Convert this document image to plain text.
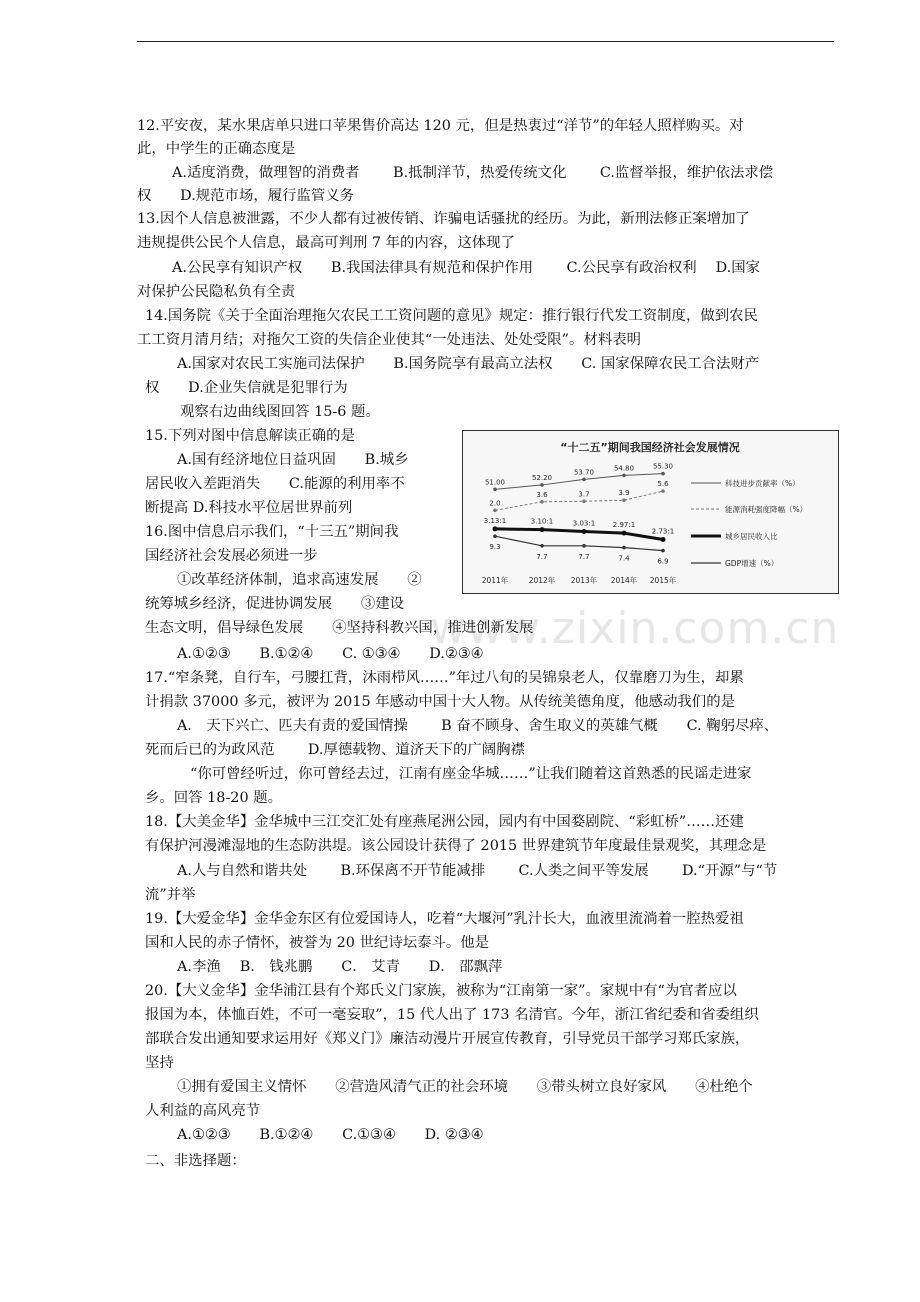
www.zixin.com.cn
12.平安夜，某水果店单只进口苹果售价高达 120 元，但是热衷过“洋节”的年轻人照样购买。对
此，中学生的正确态度是
A.适度消费，做理智的消费者　　 B.抵制洋节，热爱传统文化　　 C.监督举报，维护依法求偿
权　　D.规范市场，履行监管义务
13.因个人信息被泄露，不少人都有过被传销、诈骗电话骚扰的经历。为此，新刑法修正案增加了
违规提供公民个人信息，最高可判刑 7 年的内容，这体现了
A.公民享有知识产权　　B.我国法律具有规范和保护作用　　 C.公民享有政治权利　 D.国家
对保护公民隐私负有全责
14.国务院《关于全面治理拖欠农民工工资问题的意见》规定：推行银行代发工资制度，做到农民
工工资月清月结；对拖欠工资的失信企业使其“一处违法、处处受限”。材料表明
A.国家对农民工实施司法保护　　B.国务院享有最高立法权　　C. 国家保障农民工合法财产
权　　D.企业失信就是犯罪行为
观察右边曲线图回答 15-6 题。
15.下列对图中信息解读正确的是
A.国有经济地位日益巩固　　B.城乡
居民收入差距消失　　C.能源的利用率不
断提高 D.科技水平位居世界前列
16.图中信息启示我们，“十三五”期间我
国经济社会发展必须进一步
①改革经济体制，追求高速发展　　②
统筹城乡经济，促进协调发展　　③建设
生态文明，倡导绿色发展　　④坚持科教兴国，推进创新发展
A.①②③　　B.①②④　　C. ①③④　　D.②③④
17.“窄条凳，自行车，弓腰扛背，沐雨栉风……”年过八旬的吴锦泉老人，仅靠磨刀为生，却累
计捐款 37000 多元，被评为 2015 年感动中国十大人物。从传统美德角度，他感动我们的是
A． 天下兴亡、匹夫有责的爱国情操　　 B 奋不顾身、舍生取义的英雄气概　　C. 鞠躬尽瘁、
死而后已的为政风范　　 D.厚德载物、道济天下的广阔胸襟
“你可曾经听过，你可曾经去过，江南有座金华城……”让我们随着这首熟悉的民谣走进家
乡。回答 18-20 题。
18.【大美金华】金华城中三江交汇处有座燕尾洲公园，园内有中国婺剧院、“彩虹桥”……还建
有保护河漫滩湿地的生态防洪堤。该公园设计获得了 2015 世界建筑节年度最佳景观奖，其理念是
A.人与自然和谐共处　　 B.环保离不开节能减排　　 C.人类之间平等发展　　 D.“开源”与“节
流”并举
19.【大爱金华】金华金东区有位爱国诗人，吃着“大堰河”乳汁长大，血液里流淌着一腔热爱祖
国和人民的赤子情怀，被誉为 20 世纪诗坛泰斗。他是
A.李渔　 B． 钱兆鹏　　C． 艾青　　D． 邵飘萍
20.【大义金华】金华浦江县有个郑氏义门家族，被称为“江南第一家”。家规中有“为官者应以
报国为本，体恤百姓，不可一毫妄取”，15 代人出了 173 名清官。今年，浙江省纪委和省委组织
部联合发出通知要求运用好《郑义门》廉洁动漫片开展宣传教育，引导党员干部学习郑氏家族，
坚持
①拥有爱国主义情怀　　②营造风清气正的社会环境　　③带头树立良好家风　　④杜绝个
人利益的高风亮节
A.①②③　　B.①②④　　C.①③④　　D. ②③④
二、非选择题：
“十二五”期间我国经济社会发展情况
2011年	2012年 2013年 2014年 2015年
51.00
52.20
53.70
54.80	55.30
科技进步贡献率（%）
2.0
3.6	3.7	3.9
5.6
能源消耗强度降幅（%）
3.13:1	3.10:1	3.03:1	2.97:1
2.73:1
城乡居民收入比
9.3
7.7	7.7	7.4	6.9	GDP增速（%）
